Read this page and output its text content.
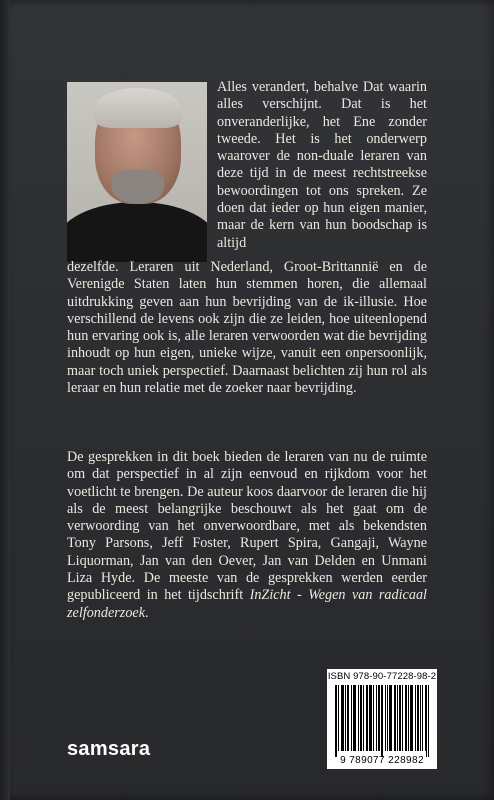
Alles verandert, behalve Dat waarin alles verschijnt. Dat is het onveranderlijke, het Ene zonder tweede. Het is het onderwerp waarover de non-duale leraren van deze tijd in de meest rechtstreekse bewoordingen tot ons spreken. Ze doen dat ieder op hun eigen manier, maar de kern van hun boodschap is altijd
dezelfde. Leraren uit Nederland, Groot-Brittannië en de Verenigde Staten laten hun stemmen horen, die allemaal uitdrukking geven aan hun bevrijding van de ik-illusie. Hoe verschillend de levens ook zijn die ze leiden, hoe uiteenlopend hun ervaring ook is, alle leraren verwoorden wat die bevrijding inhoudt op hun eigen, unieke wijze, vanuit een onpersoonlijk, maar toch uniek perspectief. Daarnaast belichten zij hun rol als leraar en hun relatie met de zoeker naar bevrijding.
De gesprekken in dit boek bieden de leraren van nu de ruimte om dat perspectief in al zijn eenvoud en rijkdom voor het voetlicht te brengen. De auteur koos daarvoor de leraren die hij als de meest belangrijke beschouwt als het gaat om de verwoording van het onverwoordbare, met als bekendsten Tony Parsons, Jeff Foster, Rupert Spira, Gangaji, Wayne Liquorman, Jan van den Oever, Jan van Delden en Unmani Liza Hyde. De meeste van de gesprekken werden eerder gepubliceerd in het tijdschrift InZicht - Wegen van radicaal zelfonderzoek.
ISBN 978-90-77228-98-2
9 789077 228982
samsara
